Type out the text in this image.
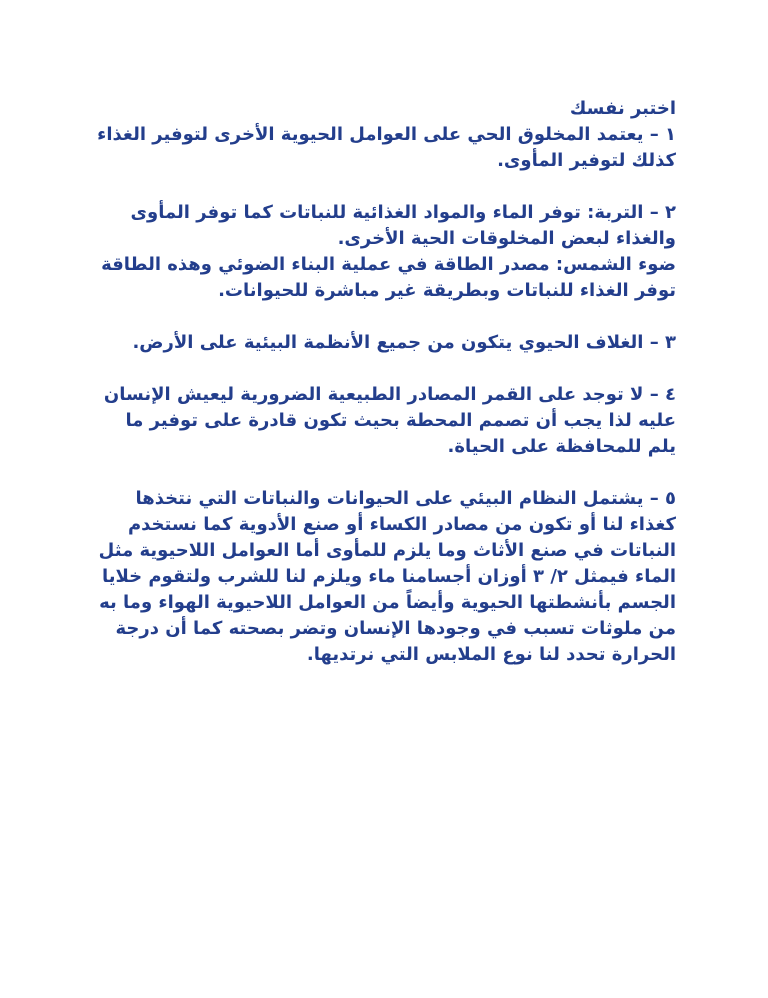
اختبر نفسك

١ – يعتمد المخلوق الحي على العوامل الحيوية الأخرى لتوفير الغذاء كذلك لتوفير المأوى.

٢ – التربة: توفر الماء والمواد الغذائية للنباتات كما توفر المأوى والغذاء لبعض المخلوقات الحية الأخرى.

ضوء الشمس: مصدر الطاقة في عملية البناء الضوئي وهذه الطاقة توفر الغذاء للنباتات وبطريقة غير مباشرة للحيوانات.

٣ – الغلاف الحيوي يتكون من جميع الأنظمة البيئية على الأرض.

٤ – لا توجد على القمر المصادر الطبيعية الضرورية ليعيش الإنسان عليه لذا يجب أن تصمم المحطة بحيث تكون قادرة على توفير ما يلم للمحافظة على الحياة.

٥ – يشتمل النظام البيئي على الحيوانات والنباتات التي نتخذها كغذاء لنا أو تكون من مصادر الكساء أو صنع الأدوية كما نستخدم النباتات في صنع الأثاث وما يلزم للمأوى أما العوامل اللاحيوية مثل الماء فيمثل ٢/ ٣ أوزان أجسامنا ماء ويلزم لنا للشرب ولتقوم خلايا الجسم بأنشطتها الحيوية وأيضاً من العوامل اللاحيوية الهواء وما به من ملوثات تسبب في وجودها الإنسان وتضر بصحته كما أن درجة الحرارة تحدد لنا نوع الملابس التي نرتديها.
